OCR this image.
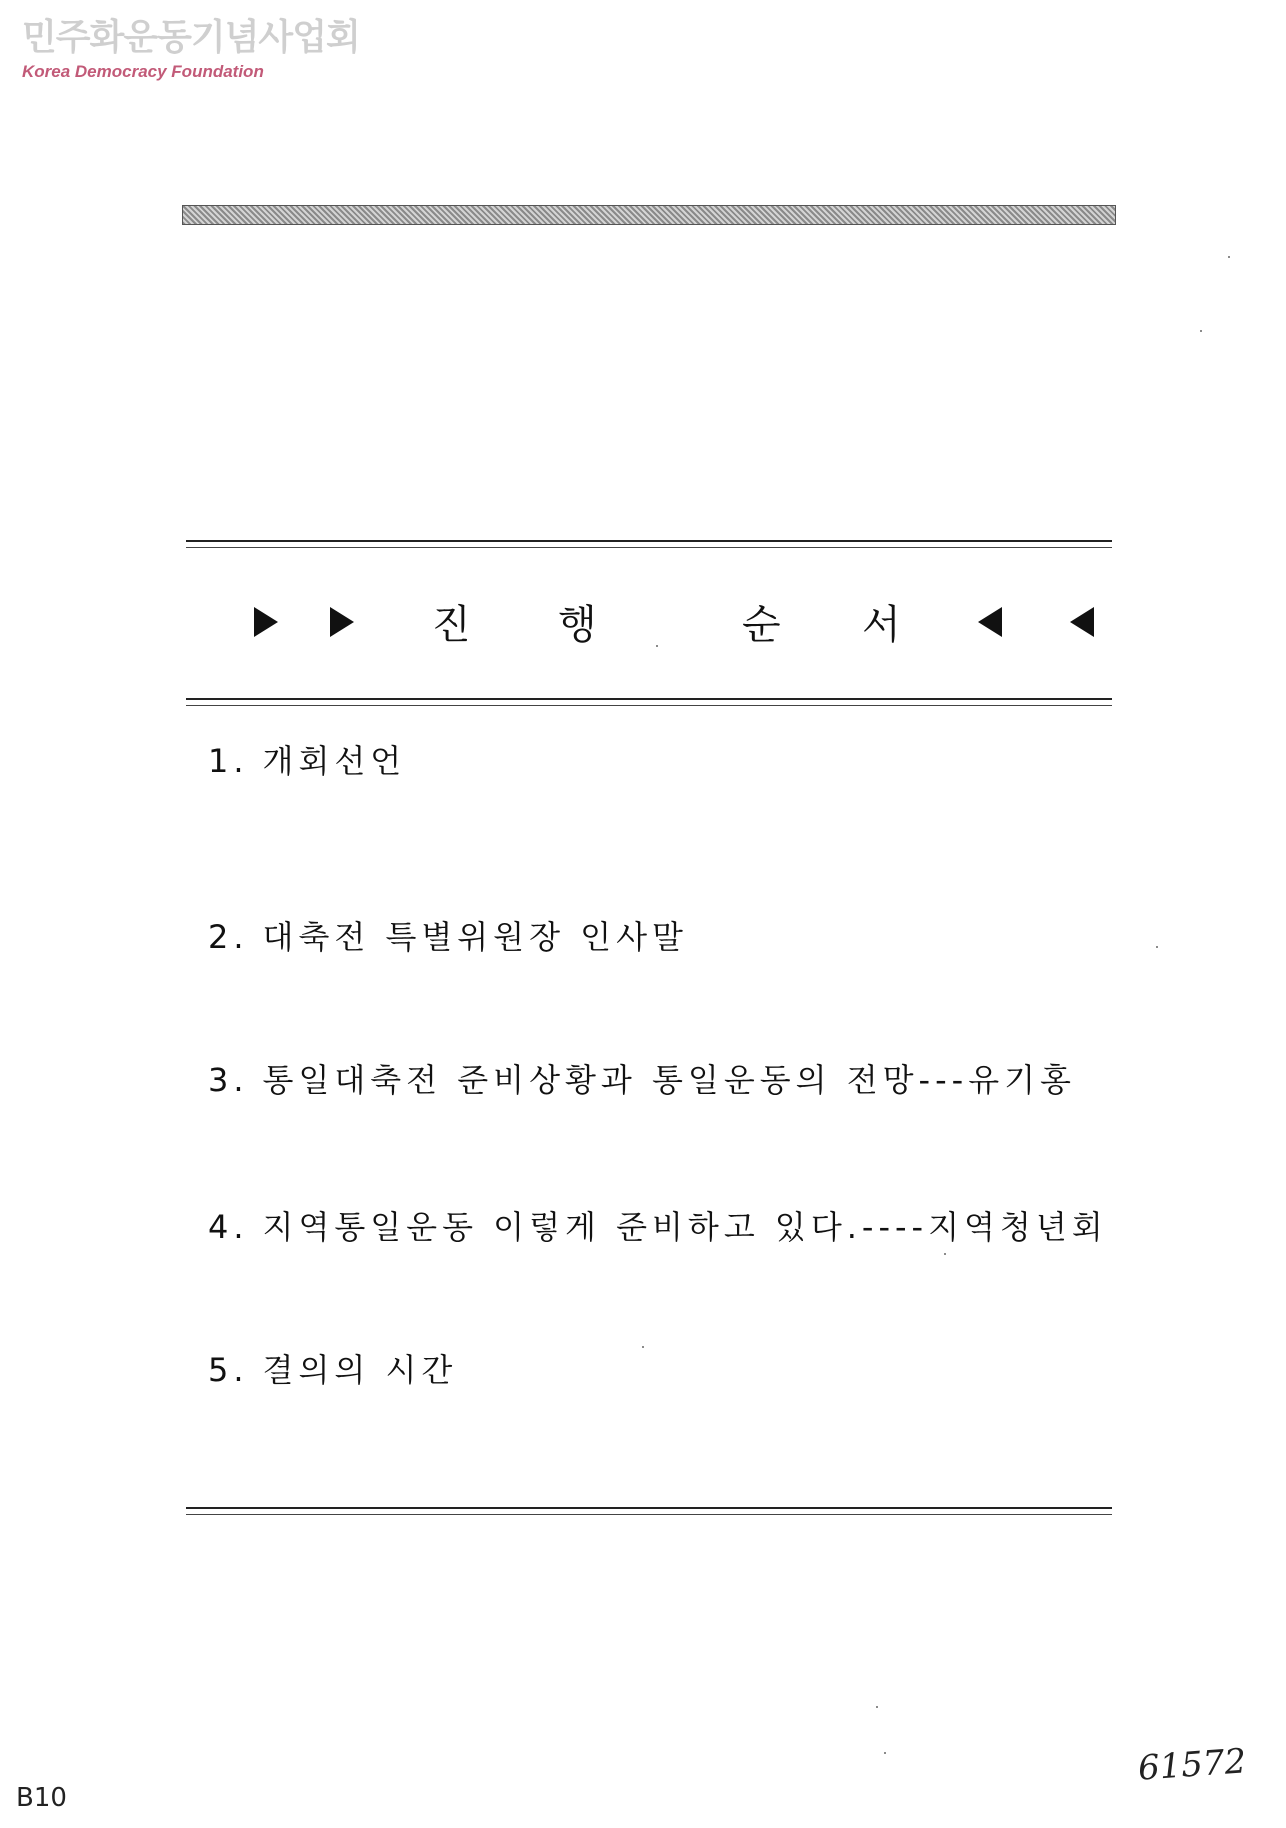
민주화운동기념사업회
Korea Democracy Foundation
진 행	순 서
1. 개회선언
2. 대축전 특별위원장 인사말
3. 통일대축전 준비상황과 통일운동의 전망---유기홍
4. 지역통일운동 이렇게 준비하고 있다.----지역청년회
5. 결의의 시간
B10
61572
